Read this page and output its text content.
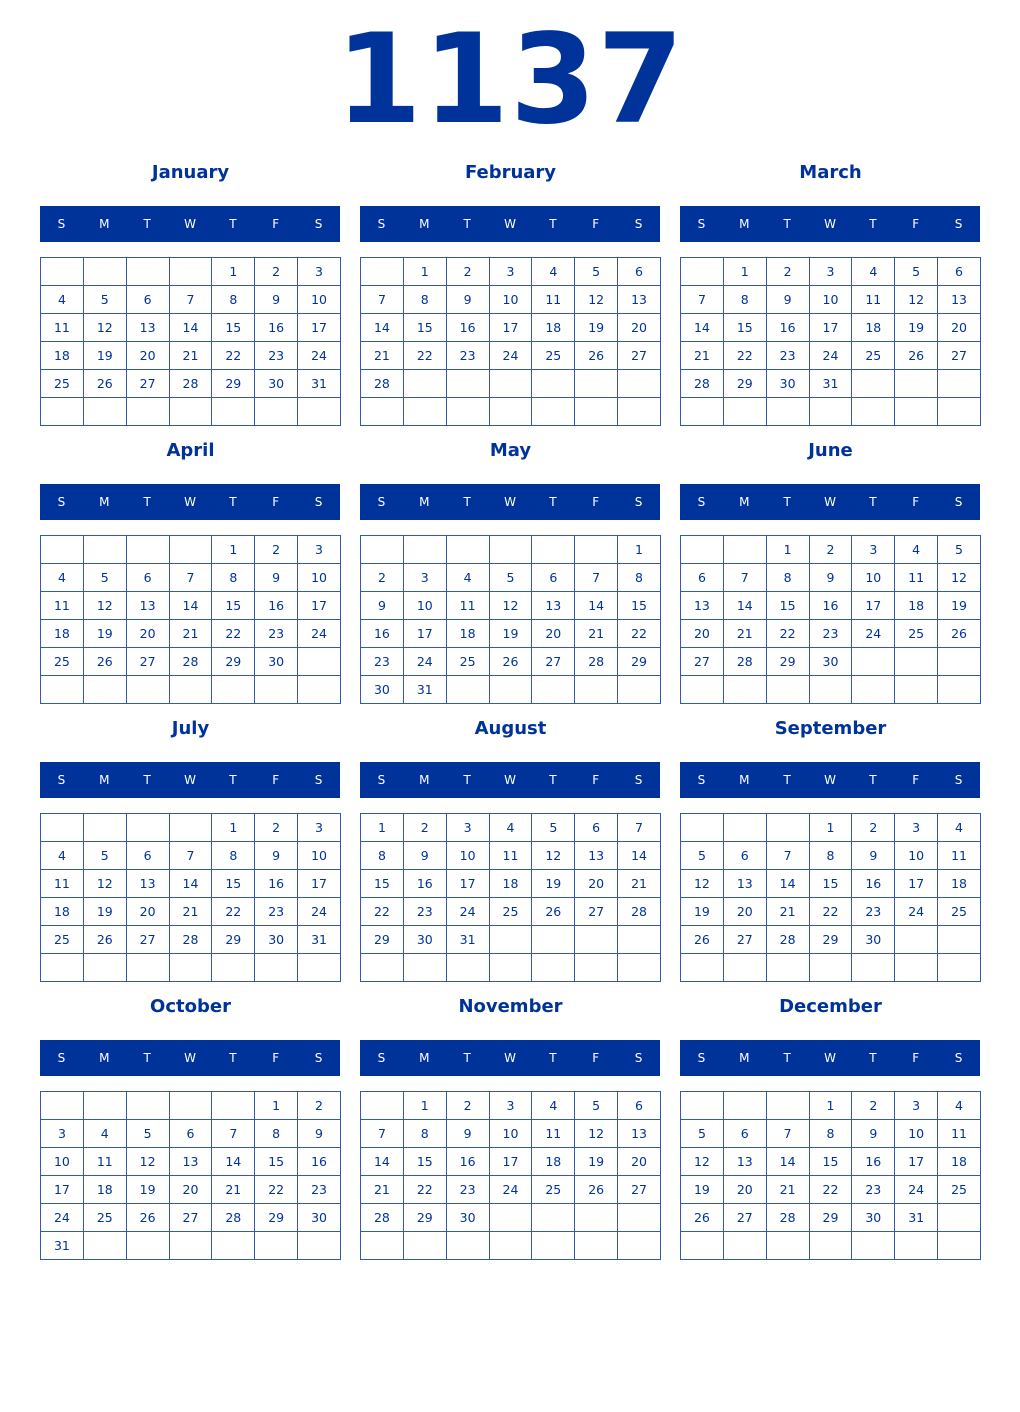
1137
January
S	M	T	W	T	F	S
				1	2	3
4	5	6	7	8	9	10
11	12	13	14	15	16	17
18	19	20	21	22	23	24
25	26	27	28	29	30	31

February
S	M	T	W	T	F	S
	1	2	3	4	5	6
7	8	9	10	11	12	13
14	15	16	17	18	19	20
21	22	23	24	25	26	27
28						

March
S	M	T	W	T	F	S
	1	2	3	4	5	6
7	8	9	10	11	12	13
14	15	16	17	18	19	20
21	22	23	24	25	26	27
28	29	30	31			

April
S	M	T	W	T	F	S
				1	2	3
4	5	6	7	8	9	10
11	12	13	14	15	16	17
18	19	20	21	22	23	24
25	26	27	28	29	30	

May
S	M	T	W	T	F	S
						1
2	3	4	5	6	7	8
9	10	11	12	13	14	15
16	17	18	19	20	21	22
23	24	25	26	27	28	29
30	31					
June
S	M	T	W	T	F	S
		1	2	3	4	5
6	7	8	9	10	11	12
13	14	15	16	17	18	19
20	21	22	23	24	25	26
27	28	29	30			

July
S	M	T	W	T	F	S
				1	2	3
4	5	6	7	8	9	10
11	12	13	14	15	16	17
18	19	20	21	22	23	24
25	26	27	28	29	30	31

August
S	M	T	W	T	F	S
1	2	3	4	5	6	7
8	9	10	11	12	13	14
15	16	17	18	19	20	21
22	23	24	25	26	27	28
29	30	31				

September
S	M	T	W	T	F	S
			1	2	3	4
5	6	7	8	9	10	11
12	13	14	15	16	17	18
19	20	21	22	23	24	25
26	27	28	29	30		

October
S	M	T	W	T	F	S
					1	2
3	4	5	6	7	8	9
10	11	12	13	14	15	16
17	18	19	20	21	22	23
24	25	26	27	28	29	30
31						
November
S	M	T	W	T	F	S
	1	2	3	4	5	6
7	8	9	10	11	12	13
14	15	16	17	18	19	20
21	22	23	24	25	26	27
28	29	30				

December
S	M	T	W	T	F	S
			1	2	3	4
5	6	7	8	9	10	11
12	13	14	15	16	17	18
19	20	21	22	23	24	25
26	27	28	29	30	31	
